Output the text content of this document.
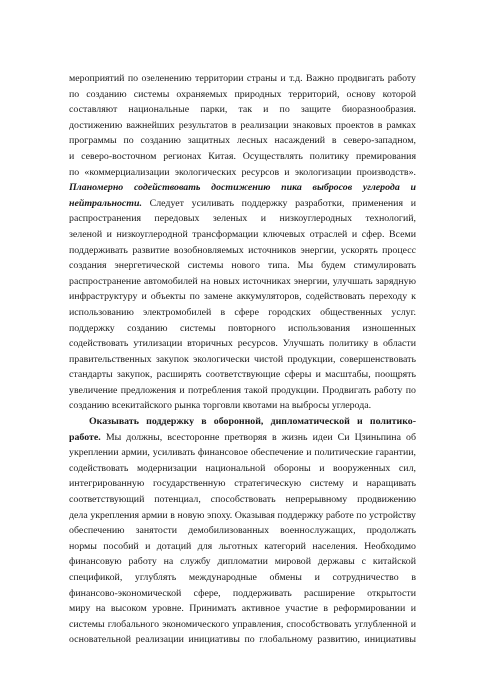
мероприятий по озеленению территории страны и т.д. Важно продвигать работу
по созданию системы охраняемых природных территорий, основу которой
составляют национальные парки, так и по защите биоразнообразия.
достижению важнейших результатов в реализации знаковых проектов в рамках
программы по созданию защитных лесных насаждений в северо-западном,
и северо-восточном регионах Китая. Осуществлять политику премирования
по «коммерциализации экологических ресурсов и экологизации производств».
Планомерно содействовать достижению пика выбросов углерода и
нейтральности. Следует усиливать поддержку разработки, применения и
распространения передовых зеленых и низкоуглеродных технологий,
зеленой и низкоуглеродной трансформации ключевых отраслей и сфер. Всеми
поддерживать развитие возобновляемых источников энергии, ускорять процесс
создания энергетической системы нового типа. Мы будем стимулировать
распространение автомобилей на новых источниках энергии, улучшать зарядную
инфраструктуру и объекты по замене аккумуляторов, содействовать переходу к
использованию электромобилей в сфере городских общественных услуг.
поддержку созданию системы повторного использования изношенных
содействовать утилизации вторичных ресурсов. Улучшать политику в области
правительственных закупок экологически чистой продукции, совершенствовать
стандарты закупок, расширять соответствующие сферы и масштабы, поощрять
увеличение предложения и потребления такой продукции. Продвигать работу по
созданию всекитайского рынка торговли квотами на выбросы углерода.
Оказывать поддержку в оборонной, дипломатической и политико-
работе. Мы должны, всесторонне претворяя в жизнь идеи Си Цзиньпина об
укреплении армии, усиливать финансовое обеспечение и политические гарантии,
содействовать модернизации национальной обороны и вооруженных сил,
интегрированную государственную стратегическую систему и наращивать
соответствующий потенциал, способствовать непрерывному продвижению
дела укрепления армии в новую эпоху. Оказывая поддержку работе по устройству
обеспечению занятости демобилизованных военнослужащих, продолжать
нормы пособий и дотаций для льготных категорий населения. Необходимо
финансовую работу на службу дипломатии мировой державы с китайской
спецификой, углублять международные обмены и сотрудничество в
финансово-экономической сфере, поддерживать расширение открытости
миру на высоком уровне. Принимать активное участие в реформировании и
системы глобального экономического управления, способствовать углубленной и
основательной реализации инициативы по глобальному развитию, инициативы
